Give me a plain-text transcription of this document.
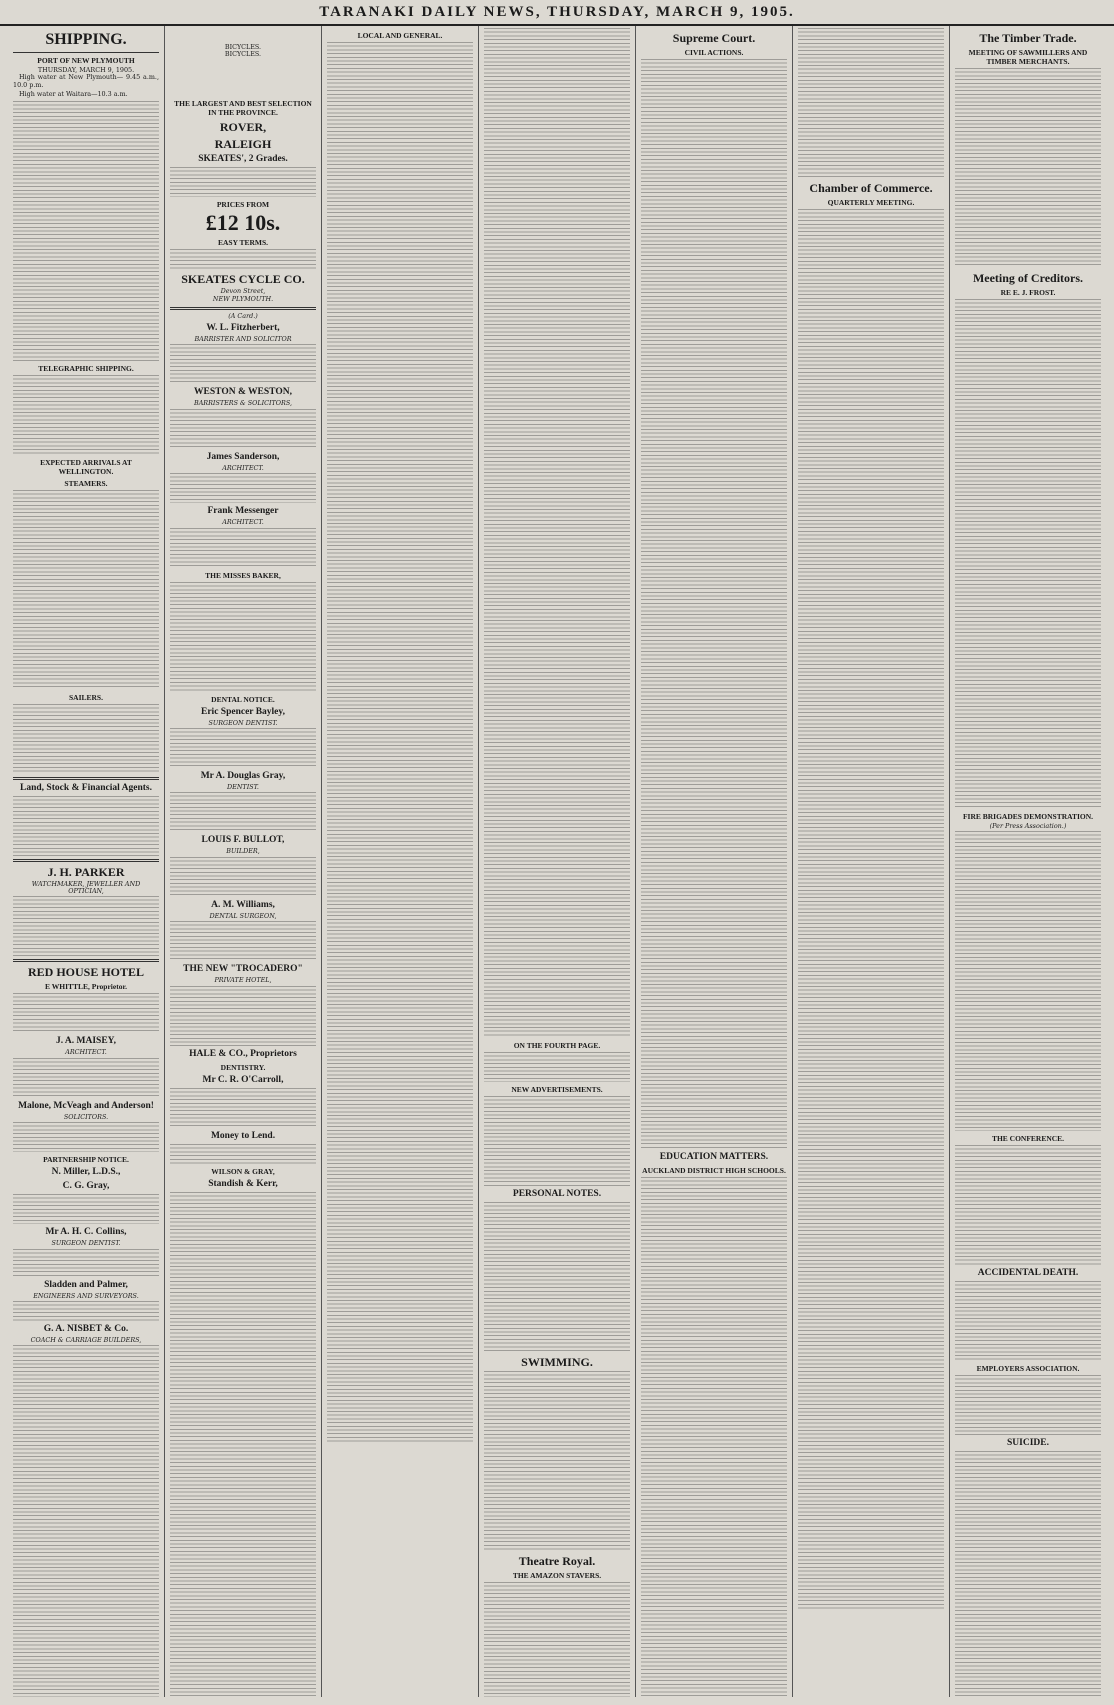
TARANAKI DAILY NEWS, THURSDAY, MARCH 9, 1905.
SHIPPING.
PORT OF NEW PLYMOUTH
THURSDAY, MARCH 9, 1905.

High water at New Plymouth— 9.45 a.m., 10.0 p.m.

High water at Waitara—10.3 a.m.

TELEGRAPHIC SHIPPING.
EXPECTED ARRIVALS AT WELLINGTON.
STEAMERS.
SAILERS.
Land, Stock & Financial Agents.
J. H. PARKER
WATCHMAKER, JEWELLER AND OPTICIAN,
RED HOUSE HOTEL
E WHITTLE, Proprietor.
J. A. MAISEY,
ARCHITECT.
Malone, McVeagh and Anderson!
SOLICITORS.
PARTNERSHIP NOTICE.
N. Miller, L.D.S.,
C. G. Gray,
Mr A. H. C. Collins,
SURGEON DENTIST.
Sladden and Palmer,
ENGINEERS AND SURVEYORS.
G. A. NISBET & Co.
COACH & CARRIAGE BUILDERS,
BICYCLES.
BICYCLES.
THE LARGEST AND BEST SELECTION IN THE PROVINCE.
ROVER,
RALEIGH
SKEATES', 2 Grades.
PRICES FROM
£12 10s.
EASY TERMS.
SKEATES CYCLE CO.
Devon Street,
NEW PLYMOUTH.
(A Card.)
W. L. Fitzherbert,
BARRISTER AND SOLICITOR
WESTON & WESTON,
BARRISTERS & SOLICITORS,
James Sanderson,
ARCHITECT.
Frank Messenger
ARCHITECT.
THE MISSES BAKER,
DENTAL NOTICE.
Eric Spencer Bayley,
SURGEON DENTIST.
Mr A. Douglas Gray,
DENTIST.
LOUIS F. BULLOT,
BUILDER,
A. M. Williams,
DENTAL SURGEON,
THE NEW "TROCADERO"
PRIVATE HOTEL,
HALE & CO., Proprietors
DENTISTRY.
Mr C. R. O'Carroll,
Money to Lend.
WILSON & GRAY,
Standish & Kerr,
LOCAL AND GENERAL.
ON THE FOURTH PAGE.
NEW ADVERTISEMENTS.
PERSONAL NOTES.
SWIMMING.
Theatre Royal.
THE AMAZON STAVERS.
Supreme Court.
CIVIL ACTIONS.
EDUCATION MATTERS.
AUCKLAND DISTRICT HIGH SCHOOLS.
Chamber of Commerce.
QUARTERLY MEETING.
The Timber Trade.
MEETING OF SAWMILLERS AND TIMBER MERCHANTS.
Meeting of Creditors.
RE E. J. FROST.
FIRE BRIGADES DEMONSTRATION.
(Per Press Association.)
THE CONFERENCE.
ACCIDENTAL DEATH.
EMPLOYERS ASSOCIATION.
SUICIDE.
